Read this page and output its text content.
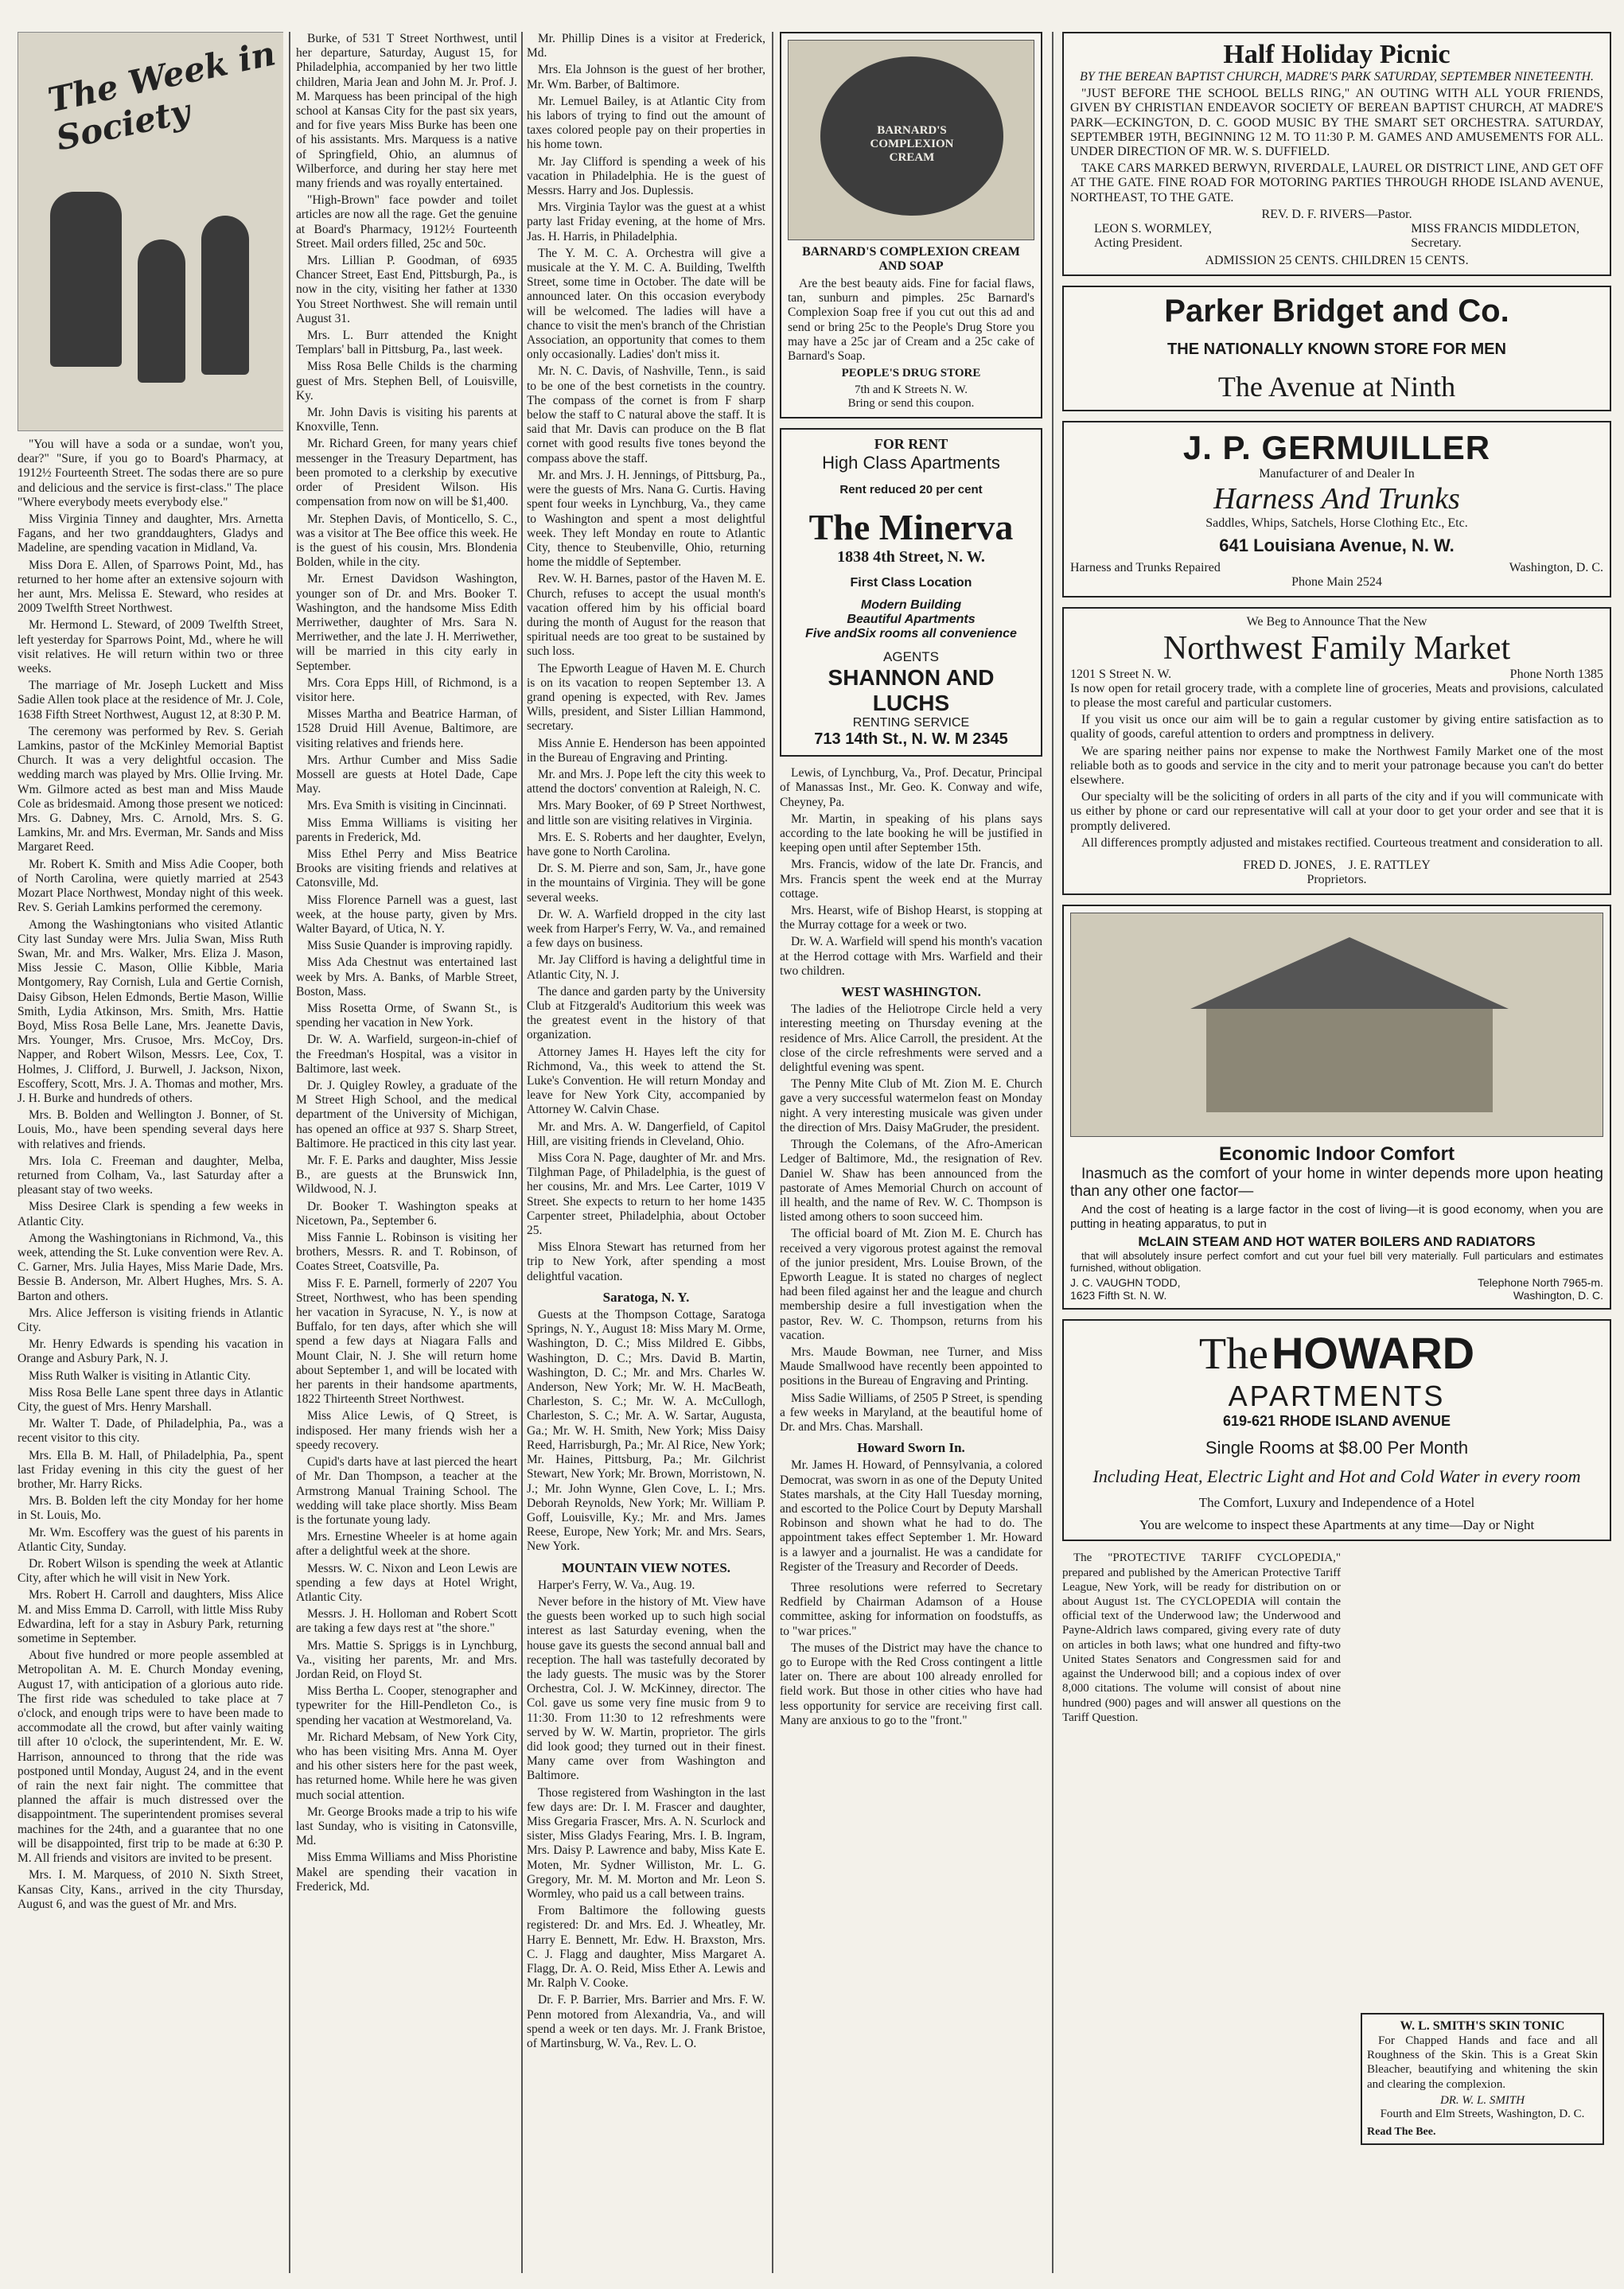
The Week in Society

"You will have a soda or a sundae, won't you, dear?" "Sure, if you go to Board's Pharmacy, at 1912½ Fourteenth Street. The sodas there are so pure and delicious and the service is first-class." The place "Where everybody meets everybody else."

Miss Virginia Tinney and daughter, Mrs. Arnetta Fagans, and her two granddaughters, Gladys and Madeline, are spending vacation in Midland, Va.

Miss Dora E. Allen, of Sparrows Point, Md., has returned to her home after an extensive sojourn with her aunt, Mrs. Melissa E. Steward, who resides at 2009 Twelfth Street Northwest.

Mr. Hermond L. Steward, of 2009 Twelfth Street, left yesterday for Sparrows Point, Md., where he will visit relatives. He will return within two or three weeks.

The marriage of Mr. Joseph Luckett and Miss Sadie Allen took place at the residence of Mr. J. Cole, 1638 Fifth Street Northwest, August 12, at 8:30 P. M.

The ceremony was performed by Rev. S. Geriah Lamkins, pastor of the McKinley Memorial Baptist Church. It was a very delightful occasion. The wedding march was played by Mrs. Ollie Irving. Mr. Wm. Gilmore acted as best man and Miss Maude Cole as bridesmaid. Among those present we noticed: Mrs. G. Dabney, Mrs. C. Arnold, Mrs. S. G. Lamkins, Mr. and Mrs. Everman, Mr. Sands and Miss Margaret Reed.

Mr. Robert K. Smith and Miss Adie Cooper, both of North Carolina, were quietly married at 2543 Mozart Place Northwest, Monday night of this week. Rev. S. Geriah Lamkins performed the ceremony.

Among the Washingtonians who visited Atlantic City last Sunday were Mrs. Julia Swan, Miss Ruth Swan, Mr. and Mrs. Walker, Mrs. Eliza J. Mason, Miss Jessie C. Mason, Ollie Kibble, Maria Montgomery, Ray Cornish, Lula and Gertie Cornish, Daisy Gibson, Helen Edmonds, Bertie Mason, Willie Smith, Lydia Atkinson, Mrs. Smith, Mrs. Hattie Boyd, Miss Rosa Belle Lane, Mrs. Jeanette Davis, Mrs. Younger, Mrs. Crusoe, Mrs. McCoy, Drs. Napper, and Robert Wilson, Messrs. Lee, Cox, T. Holmes, J. Clifford, J. Burwell, J. Jackson, Nixon, Escoffery, Scott, Mrs. J. A. Thomas and mother, Mrs. J. H. Burke and hundreds of others.

Mrs. B. Bolden and Wellington J. Bonner, of St. Louis, Mo., have been spending several days here with relatives and friends.

Mrs. Iola C. Freeman and daughter, Melba, returned from Colham, Va., last Saturday after a pleasant stay of two weeks.

Miss Desiree Clark is spending a few weeks in Atlantic City.

Among the Washingtonians in Richmond, Va., this week, attending the St. Luke convention were Rev. A. C. Garner, Mrs. Julia Hayes, Miss Marie Dade, Mrs. Bessie B. Anderson, Mr. Albert Hughes, Mrs. S. A. Barton and others.

Mrs. Alice Jefferson is visiting friends in Atlantic City.

Mr. Henry Edwards is spending his vacation in Orange and Asbury Park, N. J.

Miss Ruth Walker is visiting in Atlantic City.

Miss Rosa Belle Lane spent three days in Atlantic City, the guest of Mrs. Henry Marshall.

Mr. Walter T. Dade, of Philadelphia, Pa., was a recent visitor to this city.

Mrs. Ella B. M. Hall, of Philadelphia, Pa., spent last Friday evening in this city the guest of her brother, Mr. Harry Ricks.

Mrs. B. Bolden left the city Monday for her home in St. Louis, Mo.

Mr. Wm. Escoffery was the guest of his parents in Atlantic City, Sunday.

Dr. Robert Wilson is spending the week at Atlantic City, after which he will visit in New York.

Mrs. Robert H. Carroll and daughters, Miss Alice M. and Miss Emma D. Carroll, with little Miss Ruby Edwardina, left for a stay in Asbury Park, returning sometime in September.

About five hundred or more people assembled at Metropolitan A. M. E. Church Monday evening, August 17, with anticipation of a glorious auto ride. The first ride was scheduled to take place at 7 o'clock, and enough trips were to have been made to accommodate all the crowd, but after vainly waiting till after 10 o'clock, the superintendent, Mr. E. W. Harrison, announced to throng that the ride was postponed until Monday, August 24, and in the event of rain the next fair night. The committee that planned the affair is much distressed over the disappointment. The superintendent promises several machines for the 24th, and a guarantee that no one will be disappointed, first trip to be made at 6:30 P. M. All friends and visitors are invited to be present.

Mrs. I. M. Marquess, of 2010 N. Sixth Street, Kansas City, Kans., arrived in the city Thursday, August 6, and was the guest of Mr. and Mrs.

Burke, of 531 T Street Northwest, until her departure, Saturday, August 15, for Philadelphia, accompanied by her two little children, Maria Jean and John M. Jr. Prof. J. M. Marquess has been principal of the high school at Kansas City for the past six years, and for five years Miss Burke has been one of his assistants. Mrs. Marquess is a native of Springfield, Ohio, an alumnus of Wilberforce, and during her stay here met many friends and was royally entertained.

"High-Brown" face powder and toilet articles are now all the rage. Get the genuine at Board's Pharmacy, 1912½ Fourteenth Street. Mail orders filled, 25c and 50c.

Mrs. Lillian P. Goodman, of 6935 Chancer Street, East End, Pittsburgh, Pa., is now in the city, visiting her father at 1330 You Street Northwest. She will remain until August 31.

Mrs. L. Burr attended the Knight Templars' ball in Pittsburg, Pa., last week.

Miss Rosa Belle Childs is the charming guest of Mrs. Stephen Bell, of Louisville, Ky.

Mr. John Davis is visiting his parents at Knoxville, Tenn.

Mr. Richard Green, for many years chief messenger in the Treasury Department, has been promoted to a clerkship by executive order of President Wilson. His compensation from now on will be $1,400.

Mr. Stephen Davis, of Monticello, S. C., was a visitor at The Bee office this week. He is the guest of his cousin, Mrs. Blondenia Bolden, while in the city.

Mr. Ernest Davidson Washington, younger son of Dr. and Mrs. Booker T. Washington, and the handsome Miss Edith Merriwether, daughter of Mrs. Sara N. Merriwether, and the late J. H. Merriwether, will be married in this city early in September.

Mrs. Cora Epps Hill, of Richmond, is a visitor here.

Misses Martha and Beatrice Harman, of 1528 Druid Hill Avenue, Baltimore, are visiting relatives and friends here.

Mrs. Arthur Cumber and Miss Sadie Mossell are guests at Hotel Dade, Cape May.

Mrs. Eva Smith is visiting in Cincinnati.

Miss Emma Williams is visiting her parents in Frederick, Md.

Miss Ethel Perry and Miss Beatrice Brooks are visiting friends and relatives at Catonsville, Md.

Miss Florence Parnell was a guest, last week, at the house party, given by Mrs. Walter Bayard, of Utica, N. Y.

Miss Susie Quander is improving rapidly.

Miss Ada Chestnut was entertained last week by Mrs. A. Banks, of Marble Street, Boston, Mass.

Miss Rosetta Orme, of Swann St., is spending her vacation in New York.

Dr. W. A. Warfield, surgeon-in-chief of the Freedman's Hospital, was a visitor in Baltimore, last week.

Dr. J. Quigley Rowley, a graduate of the M Street High School, and the medical department of the University of Michigan, has opened an office at 937 S. Sharp Street, Baltimore. He practiced in this city last year.

Mr. F. E. Parks and daughter, Miss Jessie B., are guests at the Brunswick Inn, Wildwood, N. J.

Dr. Booker T. Washington speaks at Nicetown, Pa., September 6.

Miss Fannie L. Robinson is visiting her brothers, Messrs. R. and T. Robinson, of Coates Street, Coatsville, Pa.

Miss F. E. Parnell, formerly of 2207 You Street, Northwest, who has been spending her vacation in Syracuse, N. Y., is now at Buffalo, for ten days, after which she will spend a few days at Niagara Falls and Mount Clair, N. J. She will return home about September 1, and will be located with her parents in their handsome apartments, 1822 Thirteenth Street Northwest.

Miss Alice Lewis, of Q Street, is indisposed. Her many friends wish her a speedy recovery.

Cupid's darts have at last pierced the heart of Mr. Dan Thompson, a teacher at the Armstrong Manual Training School. The wedding will take place shortly. Miss Beam is the fortunate young lady.

Mrs. Ernestine Wheeler is at home again after a delightful week at the shore.

Messrs. W. C. Nixon and Leon Lewis are spending a few days at Hotel Wright, Atlantic City.

Messrs. J. H. Holloman and Robert Scott are taking a few days rest at "the shore."

Mrs. Mattie S. Spriggs is in Lynchburg, Va., visiting her parents, Mr. and Mrs. Jordan Reid, on Floyd St.

Miss Bertha L. Cooper, stenographer and typewriter for the Hill-Pendleton Co., is spending her vacation at Westmoreland, Va.

Mr. Richard Mebsam, of New York City, who has been visiting Mrs. Anna M. Oyer and his other sisters here for the past week, has returned home. While here he was given much social attention.

Mr. George Brooks made a trip to his wife last Sunday, who is visiting in Catonsville, Md.

Miss Emma Williams and Miss Phoristine Makel are spending their vacation in Frederick, Md.

Mr. Phillip Dines is a visitor at Frederick, Md.

Mrs. Ela Johnson is the guest of her brother, Mr. Wm. Barber, of Baltimore.

Mr. Lemuel Bailey, is at Atlantic City from his labors of trying to find out the amount of taxes colored people pay on their properties in his home town.

Mr. Jay Clifford is spending a week of his vacation in Philadelphia. He is the guest of Messrs. Harry and Jos. Duplessis.

Mrs. Virginia Taylor was the guest at a whist party last Friday evening, at the home of Mrs. Jas. H. Harris, in Philadelphia.

The Y. M. C. A. Orchestra will give a musicale at the Y. M. C. A. Building, Twelfth Street, some time in October. The date will be announced later. On this occasion everybody will be welcomed. The ladies will have a chance to visit the men's branch of the Christian Association, an opportunity that comes to them only occasionally. Ladies' don't miss it.

Mr. N. C. Davis, of Nashville, Tenn., is said to be one of the best cornetists in the country. The compass of the cornet is from F sharp below the staff to C natural above the staff. It is said that Mr. Davis can produce on the B flat cornet with good results five tones beyond the compass above the staff.

Mr. and Mrs. J. H. Jennings, of Pittsburg, Pa., were the guests of Mrs. Nana G. Curtis. Having spent four weeks in Lynchburg, Va., they came to Washington and spent a most delightful week. They left Monday en route to Atlantic City, thence to Steubenville, Ohio, returning home the middle of September.

Rev. W. H. Barnes, pastor of the Haven M. E. Church, refuses to accept the usual month's vacation offered him by his official board during the month of August for the reason that spiritual needs are too great to be sustained by such loss.

The Epworth League of Haven M. E. Church is on its vacation to reopen September 13. A grand opening is expected, with Rev. James Wills, president, and Sister Lillian Hammond, secretary.

Miss Annie E. Henderson has been appointed in the Bureau of Engraving and Printing.

Mr. and Mrs. J. Pope left the city this week to attend the doctors' convention at Raleigh, N. C.

Mrs. Mary Booker, of 69 P Street Northwest, and little son are visiting relatives in Virginia.

Mrs. E. S. Roberts and her daughter, Evelyn, have gone to North Carolina.

Dr. S. M. Pierre and son, Sam, Jr., have gone in the mountains of Virginia. They will be gone several weeks.

Dr. W. A. Warfield dropped in the city last week from Harper's Ferry, W. Va., and remained a few days on business.

Mr. Jay Clifford is having a delightful time in Atlantic City, N. J.

The dance and garden party by the University Club at Fitzgerald's Auditorium this week was the greatest event in the history of that organization.

Attorney James H. Hayes left the city for Richmond, Va., this week to attend the St. Luke's Convention. He will return Monday and leave for New York City, accompanied by Attorney W. Calvin Chase.

Mr. and Mrs. A. W. Dangerfield, of Capitol Hill, are visiting friends in Cleveland, Ohio.

Miss Cora N. Page, daughter of Mr. and Mrs. Tilghman Page, of Philadelphia, is the guest of her cousins, Mr. and Mrs. Lee Carter, 1019 V Street. She expects to return to her home 1435 Carpenter street, Philadelphia, about October 25.

Miss Elnora Stewart has returned from her trip to New York, after spending a most delightful vacation.

Saratoga, N. Y.

Guests at the Thompson Cottage, Saratoga Springs, N. Y., August 18: Miss Mary M. Orme, Washington, D. C.; Miss Mildred E. Gibbs, Washington, D. C.; Mrs. David B. Martin, Washington, D. C.; Mr. and Mrs. Charles W. Anderson, New York; Mr. W. H. MacBeath, Charleston, S. C.; Mr. W. A. McCullogh, Charleston, S. C.; Mr. A. W. Sartar, Augusta, Ga.; Mr. W. H. Smith, New York; Miss Daisy Reed, Harrisburgh, Pa.; Mr. Al Rice, New York; Mr. Haines, Pittsburg, Pa.; Mr. Gilchrist Stewart, New York; Mr. Brown, Morristown, N. J.; Mr. John Wynne, Glen Cove, L. I.; Mrs. Deborah Reynolds, New York; Mr. William P. Goff, Louisville, Ky.; Mr. and Mrs. James Reese, Europe, New York; Mr. and Mrs. Sears, New York.

MOUNTAIN VIEW NOTES.

Harper's Ferry, W. Va., Aug. 19.

Never before in the history of Mt. View have the guests been worked up to such high social interest as last Saturday evening, when the house gave its guests the second annual ball and reception. The hall was tastefully decorated by the lady guests. The music was by the Storer Orchestra, Col. J. W. McKinney, director. The Col. gave us some very fine music from 9 to 11:30. From 11:30 to 12 refreshments were served by W. W. Martin, proprietor. The girls did look good; they turned out in their finest. Many came over from Washington and Baltimore.

Those registered from Washington in the last few days are: Dr. I. M. Frascer and daughter, Miss Gregaria Frascer, Mrs. A. N. Scurlock and sister, Miss Gladys Fearing, Mrs. I. B. Ingram, Mrs. Daisy P. Lawrence and baby, Miss Kate E. Moten, Mr. Sydner Williston, Mr. L. G. Gregory, Mr. M. M. Morton and Mr. Leon S. Wormley, who paid us a call between trains.

From Baltimore the following guests registered: Dr. and Mrs. Ed. J. Wheatley, Mr. Harry E. Bennett, Mr. Edw. H. Braxston, Mrs. C. J. Flagg and daughter, Miss Margaret A. Flagg, Dr. A. O. Reid, Miss Ether A. Lewis and Mr. Ralph V. Cooke.

Dr. F. P. Barrier, Mrs. Barrier and Mrs. F. W. Penn motored from Alexandria, Va., and will spend a week or ten days. Mr. J. Frank Bristoe, of Martinsburg, W. Va., Rev. L. O.

BARNARD'S COMPLEXION CREAM
BARNARD'S COMPLEXION CREAM AND SOAP

Are the best beauty aids. Fine for facial flaws, tan, sunburn and pimples. 25c Barnard's Complexion Soap free if you cut out this ad and send or bring 25c to the People's Drug Store you may have a 25c jar of Cream and a 25c cake of Barnard's Soap.

PEOPLE'S DRUG STORE
7th and K Streets N. W.
Bring or send this coupon.
FOR RENT
High Class Apartments
Rent reduced 20 per cent
The Minerva
1838 4th Street, N. W.
First Class Location
Modern Building
Beautiful Apartments
Five andSix rooms all convenience
AGENTS
SHANNON AND LUCHS
RENTING SERVICE
713 14th St., N. W. M 2345

Lewis, of Lynchburg, Va., Prof. Decatur, Principal of Manassas Inst., Mr. Geo. K. Conway and wife, Cheyney, Pa.

Mr. Martin, in speaking of his plans says according to the late booking he will be justified in keeping open until after September 15th.

Mrs. Francis, widow of the late Dr. Francis, and Mrs. Francis spent the week end at the Murray cottage.

Mrs. Hearst, wife of Bishop Hearst, is stopping at the Murray cottage for a week or two.

Dr. W. A. Warfield will spend his month's vacation at the Herrod cottage with Mrs. Warfield and their two children.

WEST WASHINGTON.

The ladies of the Heliotrope Circle held a very interesting meeting on Thursday evening at the residence of Mrs. Alice Carroll, the president. At the close of the circle refreshments were served and a delightful evening was spent.

The Penny Mite Club of Mt. Zion M. E. Church gave a very successful watermelon feast on Monday night. A very interesting musicale was given under the direction of Mrs. Daisy MaGruder, the president.

Through the Colemans, of the Afro-American Ledger of Baltimore, Md., the resignation of Rev. Daniel W. Shaw has been announced from the pastorate of Ames Memorial Church on account of ill health, and the name of Rev. W. C. Thompson is listed among others to soon succeed him.

The official board of Mt. Zion M. E. Church has received a very vigorous protest against the removal of the junior president, Mrs. Louise Brown, of the Epworth League. It is stated no charges of neglect had been filed against her and the league and church membership desire a full investigation when the pastor, Rev. W. C. Thompson, returns from his vacation.

Mrs. Maude Bowman, nee Turner, and Miss Maude Smallwood have recently been appointed to positions in the Bureau of Engraving and Printing.

Miss Sadie Williams, of 2505 P Street, is spending a few weeks in Maryland, at the beautiful home of Dr. and Mrs. Chas. Marshall.

Howard Sworn In.

Mr. James H. Howard, of Pennsylvania, a colored Democrat, was sworn in as one of the Deputy United States marshals, at the City Hall Tuesday morning, and escorted to the Police Court by Deputy Marshall Robinson and shown what he had to do. The appointment takes effect September 1. Mr. Howard is a lawyer and a journalist. He was a candidate for Register of the Treasury and Recorder of Deeds.

Three resolutions were referred to Secretary Redfield by Chairman Adamson of a House committee, asking for information on foodstuffs, as to "war prices."

The muses of the District may have the chance to go to Europe with the Red Cross contingent a little later on. There are about 100 already enrolled for field work. But those in other cities who have had less opportunity for service are receiving first call. Many are anxious to go to the "front."

Half Holiday Picnic

BY THE BEREAN BAPTIST CHURCH, MADRE'S PARK SATURDAY, SEPTEMBER NINETEENTH.

"JUST BEFORE THE SCHOOL BELLS RING," AN OUTING WITH ALL YOUR FRIENDS, GIVEN BY CHRISTIAN ENDEAVOR SOCIETY OF BEREAN BAPTIST CHURCH, AT MADRE'S PARK—ECKINGTON, D. C. GOOD MUSIC BY THE SMART SET ORCHESTRA. SATURDAY, SEPTEMBER 19TH, BEGINNING 12 M. TO 11:30 P. M. GAMES AND AMUSEMENTS FOR ALL. UNDER DIRECTION OF MR. W. S. DUFFIELD.

TAKE CARS MARKED BERWYN, RIVERDALE, LAUREL OR DISTRICT LINE, AND GET OFF AT THE GATE. FINE ROAD FOR MOTORING PARTIES THROUGH RHODE ISLAND AVENUE, NORTHEAST, TO THE GATE.

REV. D. F. RIVERS—Pastor.
LEON S. WORMLEY,
Acting President.
MISS FRANCIS MIDDLETON,
Secretary.
ADMISSION 25 CENTS. CHILDREN 15 CENTS.
Parker Bridget and Co.
THE NATIONALLY KNOWN STORE FOR MEN
The Avenue at Ninth
J. P. GERMUILLER
Manufacturer of and Dealer In
Harness And Trunks
Saddles, Whips, Satchels, Horse Clothing Etc., Etc.
641 Louisiana Avenue, N. W.
Harness and Trunks Repaired	Washington, D. C.
Phone Main 2524
We Beg to Announce That the New
Northwest Family Market
1201 S Street N. W.	Phone North 1385

Is now open for retail grocery trade, with a complete line of groceries, Meats and provisions, calculated to please the most careful and particular customers.

If you visit us once our aim will be to gain a regular customer by giving entire satisfaction as to quality of goods, careful attention to orders and promptness in delivery.

We are sparing neither pains nor expense to make the Northwest Family Market one of the most reliable both as to goods and service in the city and to merit your patronage because you can't do better elsewhere.

Our specialty will be the soliciting of orders in all parts of the city and if you will communicate with us either by phone or card our representative will call at your door to get your order and see that it is promptly delivered.

All differences promptly adjusted and mistakes rectified. Courteous treatment and consideration to all.

FRED D. JONES, J. E. RATTLEY
Proprietors.
Economic Indoor Comfort

Inasmuch as the comfort of your home in winter depends more upon heating than any other one factor—

And the cost of heating is a large factor in the cost of living—it is good economy, when you are putting in heating apparatus, to put in

McLAIN STEAM AND HOT WATER BOILERS AND RADIATORS

that will absolutely insure perfect comfort and cut your fuel bill very materially. Full particulars and estimates furnished, without obligation.

J. C. VAUGHN TODD,	Telephone North 7965-m.
1623 Fifth St. N. W.	Washington, D. C.
The HOWARD
APARTMENTS
619-621 RHODE ISLAND AVENUE
Single Rooms at $8.00 Per Month
Including Heat, Electric Light and Hot and Cold Water in every room
The Comfort, Luxury and Independence of a Hotel
You are welcome to inspect these Apartments at any time—Day or Night

The "PROTECTIVE TARIFF CYCLOPEDIA," prepared and published by the American Protective Tariff League, New York, will be ready for distribution on or about August 1st. The CYCLOPEDIA will contain the official text of the Underwood law; the Underwood and Payne-Aldrich laws compared, giving every rate of duty on articles in both laws; what one hundred and fifty-two United States Senators and Congressmen said for and against the Underwood bill; and a copious index of over 8,000 citations. The volume will consist of about nine hundred (900) pages and will answer all questions on the Tariff Question.

W. L. SMITH'S SKIN TONIC

For Chapped Hands and face and all Roughness of the Skin. This is a Great Skin Bleacher, beautifying and whitening the skin and clearing the complexion.

DR. W. L. SMITH
Fourth and Elm Streets, Washington, D. C.
Read The Bee.
